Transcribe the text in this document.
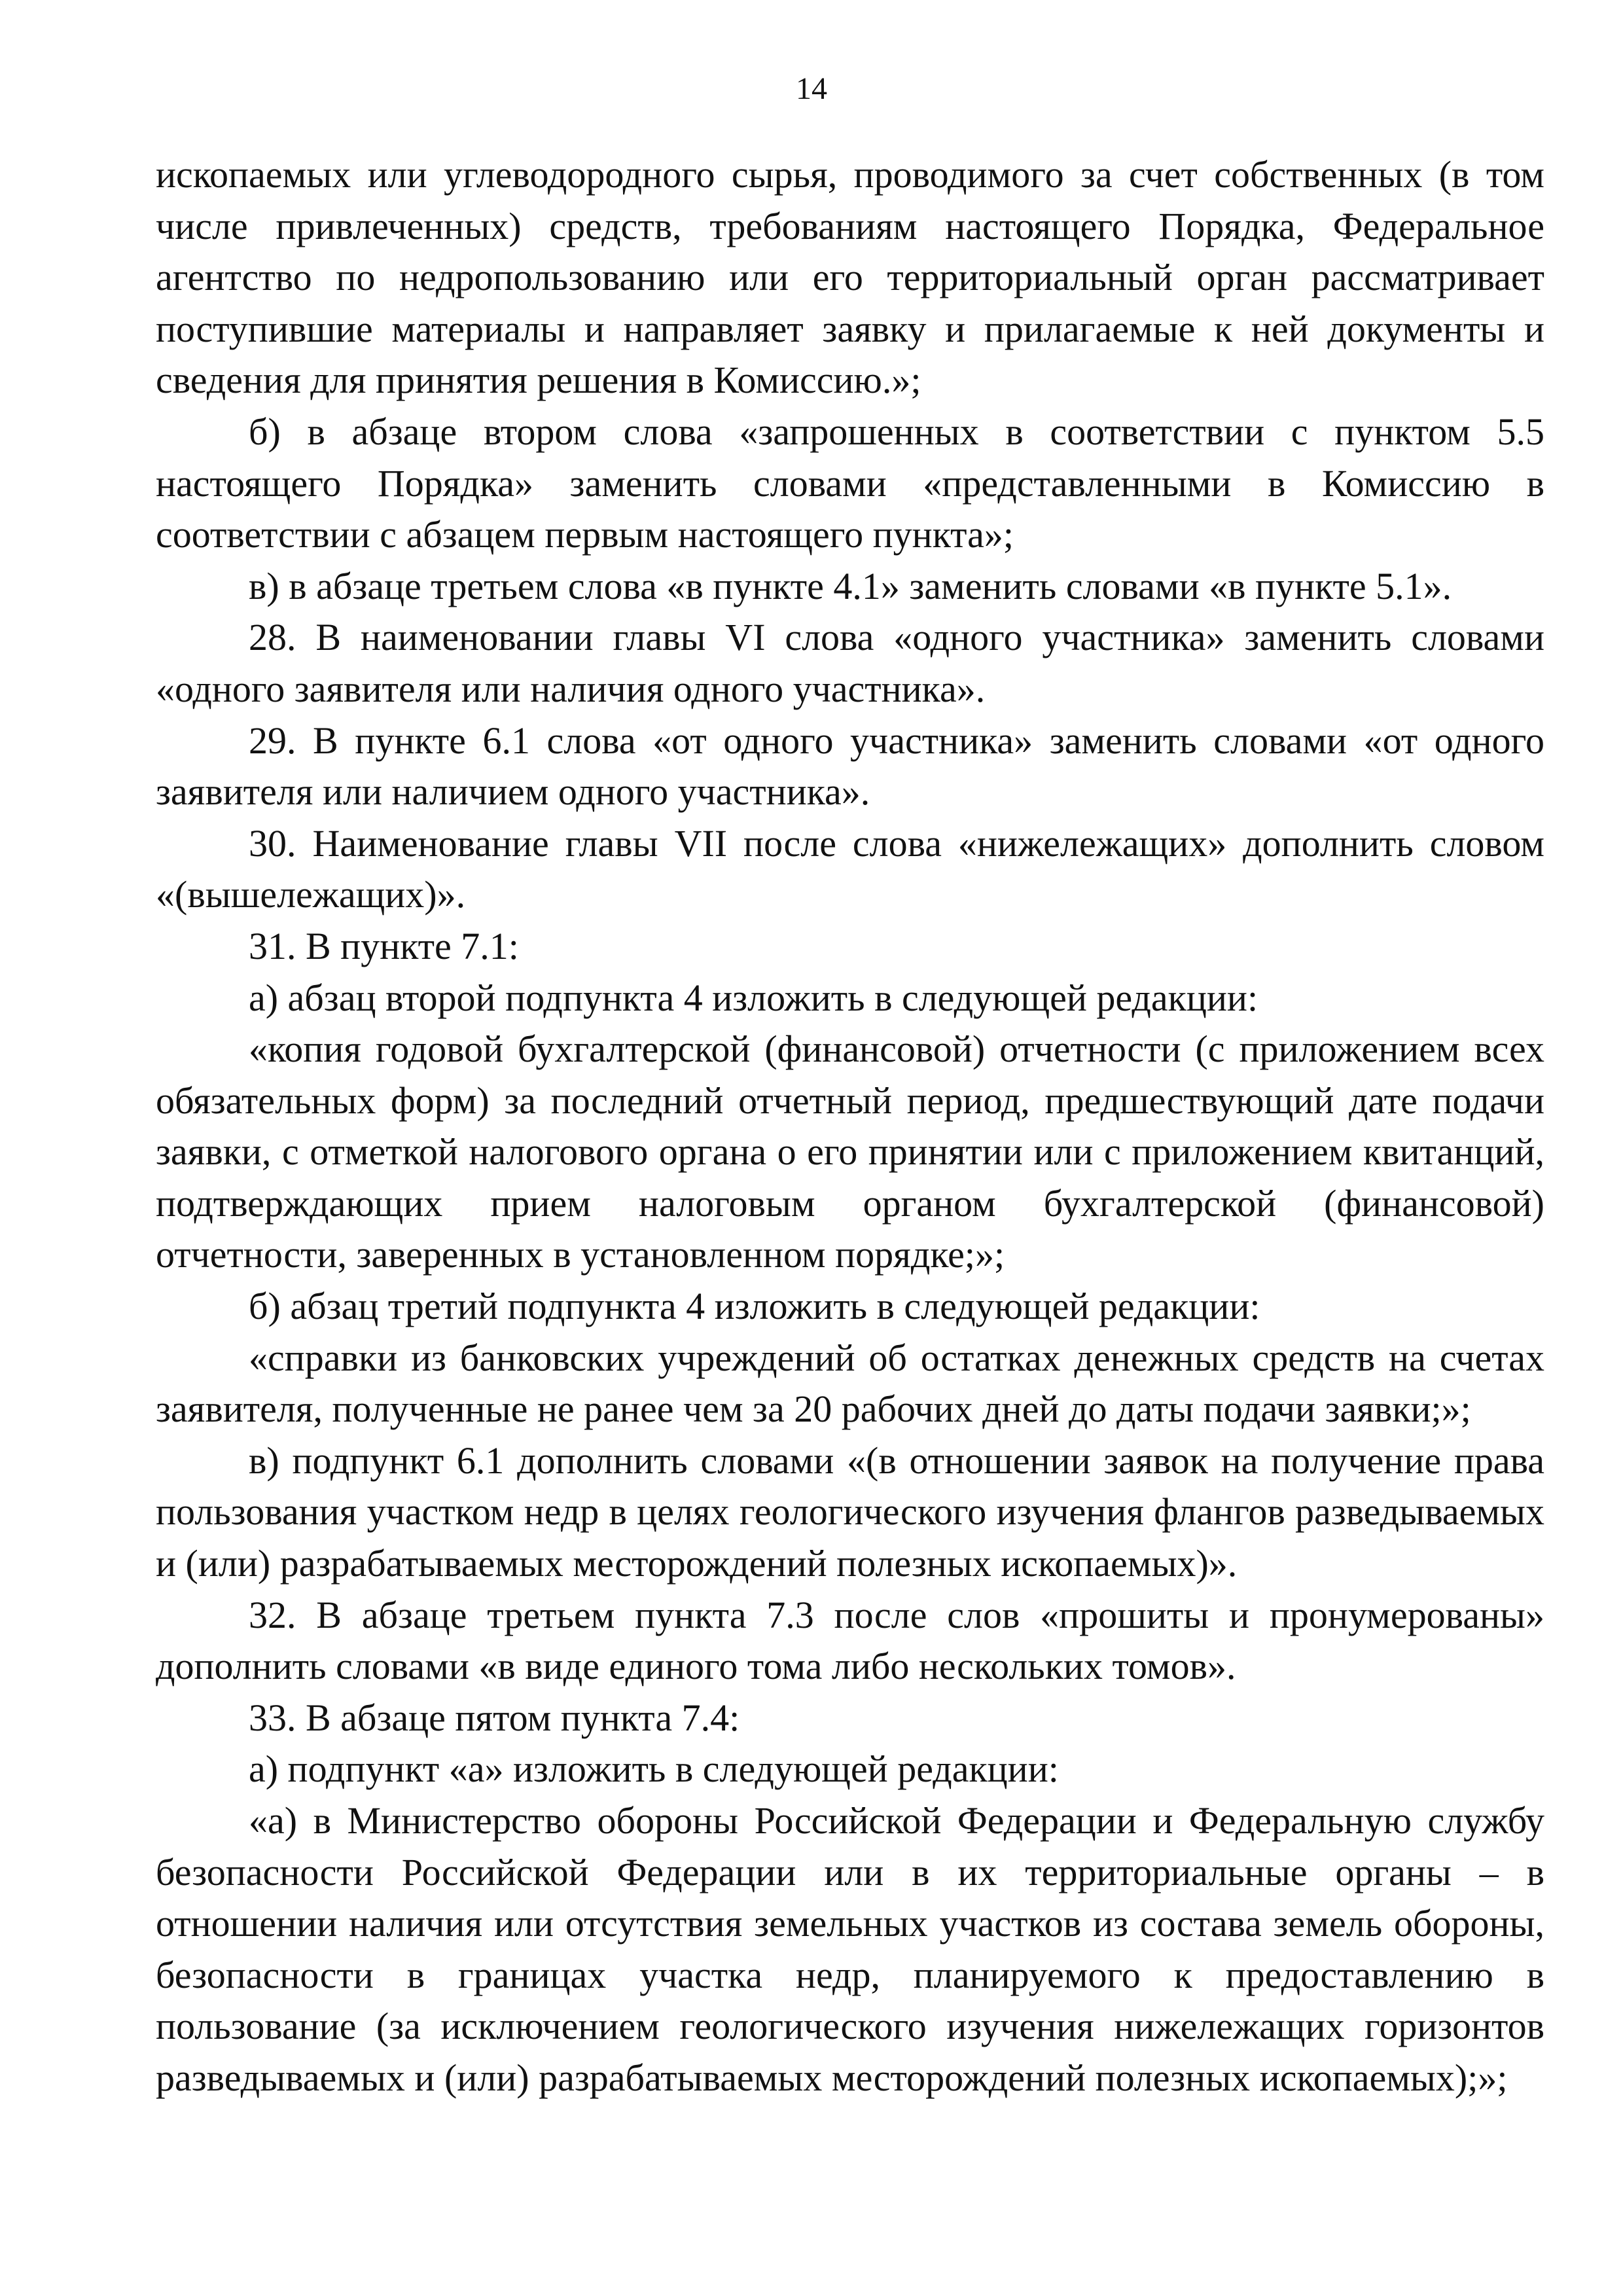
14

ископаемых или углеводородного сырья, проводимого за счет собственных (в том числе привлеченных) средств, требованиям настоящего Порядка, Федеральное агентство по недропользованию или его территориальный орган рассматривает поступившие материалы и направляет заявку и прилагаемые к ней документы и сведения для принятия решения в Комиссию.»;

б) в абзаце втором слова «запрошенных в соответствии с пунктом 5.5 настоящего Порядка» заменить словами «представленными в Комиссию в соответствии с абзацем первым настоящего пункта»;

в) в абзаце третьем слова «в пункте 4.1» заменить словами «в пункте 5.1».

28. В наименовании главы VI слова «одного участника» заменить словами «одного заявителя или наличия одного участника».

29. В пункте 6.1 слова «от одного участника» заменить словами «от одного заявителя или наличием одного участника».

30. Наименование главы VII после слова «нижележащих» дополнить словом «(вышележащих)».

31. В пункте 7.1:

а) абзац второй подпункта 4 изложить в следующей редакции:

«копия годовой бухгалтерской (финансовой) отчетности (с приложением всех обязательных форм) за последний отчетный период, предшествующий дате подачи заявки, с отметкой налогового органа о его принятии или с приложением квитанций, подтверждающих прием налоговым органом бухгалтерской (финансовой) отчетности, заверенных в установленном порядке;»;

б) абзац третий подпункта 4 изложить в следующей редакции:

«справки из банковских учреждений об остатках денежных средств на счетах заявителя, полученные не ранее чем за 20 рабочих дней до даты подачи заявки;»;

в) подпункт 6.1 дополнить словами «(в отношении заявок на получение права пользования участком недр в целях геологического изучения флангов разведываемых и (или) разрабатываемых месторождений полезных ископаемых)».

32. В абзаце третьем пункта 7.3 после слов «прошиты и пронумерованы» дополнить словами «в виде единого тома либо нескольких томов».

33. В абзаце пятом пункта 7.4:

а) подпункт «а» изложить в следующей редакции:

«а) в Министерство обороны Российской Федерации и Федеральную службу безопасности Российской Федерации или в их территориальные органы – в отношении наличия или отсутствия земельных участков из состава земель обороны, безопасности в границах участка недр, планируемого к предоставлению в пользование (за исключением геологического изучения нижележащих горизонтов разведываемых и (или) разрабатываемых месторождений полезных ископаемых);»;
